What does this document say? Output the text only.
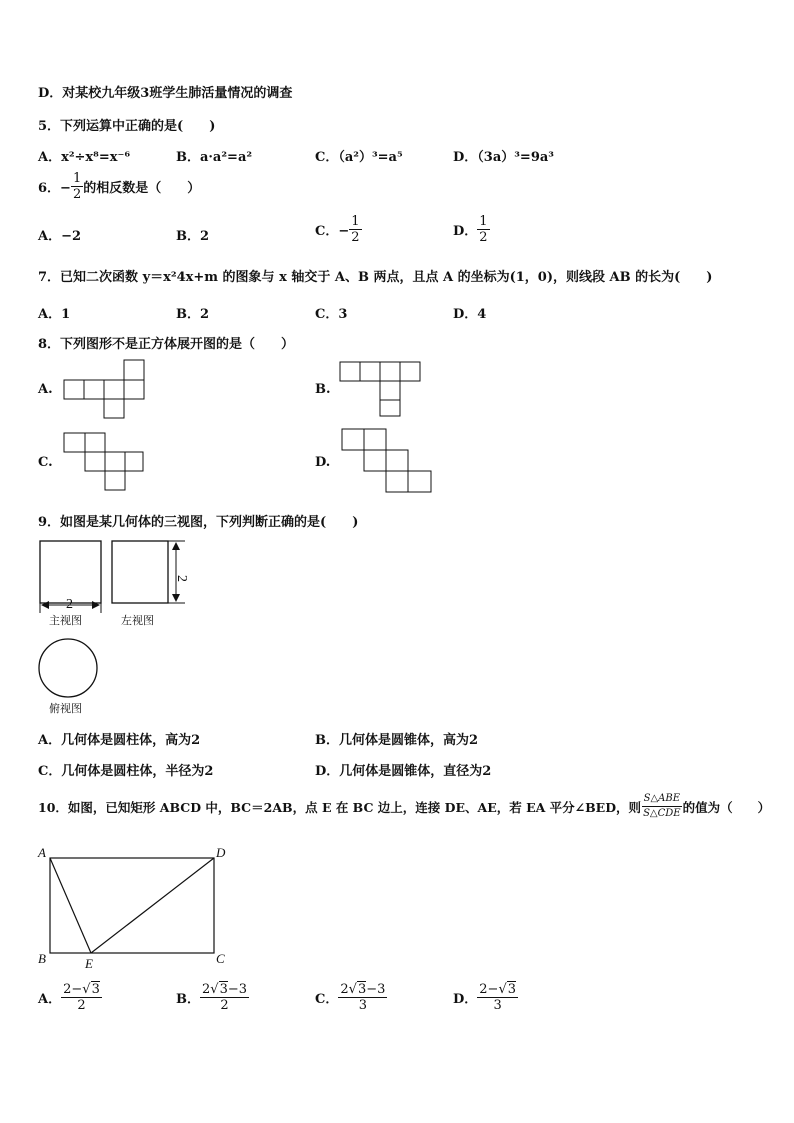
D．对某校九年级3班学生肺活量情况的调查
5．下列运算中正确的是(　　)
A．x²÷x⁸=x⁻⁶	B．a·a²=a²	C．（a²）³=a⁵	D．（3a）³=9a³
6．− $\frac{1}{2}$ 的相反数是（　　）
A．−2	B．2	C．− $\frac{1}{2}$	D． $\frac{1}{2}$
7．已知二次函数 y＝x²4x+m 的图象与 x 轴交于 A、B 两点，且点 A 的坐标为(1，0)，则线段 AB 的长为(　　)
A．1	B．2	C．3	D．4
8．下列图形不是正方体展开图的是（　　）
A.	B.
C.	D.
9．如图是某几何体的三视图，下列判断正确的是(　　)
2
主视图
2
左视图
俯视图
A．几何体是圆柱体，高为2	B．几何体是圆锥体，高为2
C．几何体是圆柱体，半径为2	D．几何体是圆锥体，直径为2
10．如图，已知矩形 ABCD 中，BC＝2AB，点 E 在 BC 边上，连接 DE、AE，若 EA 平分∠BED，则 $\frac{\text{S△ABE}}{\text{S△CDE}}$ 的值为（　　）
A	D
B	C
E
A． $\frac{2-√3}{2}$	B． $\frac{2√3-3}{2}$	C． $\frac{2√3-3}{3}$	D． $\frac{2-√3}{3}$
